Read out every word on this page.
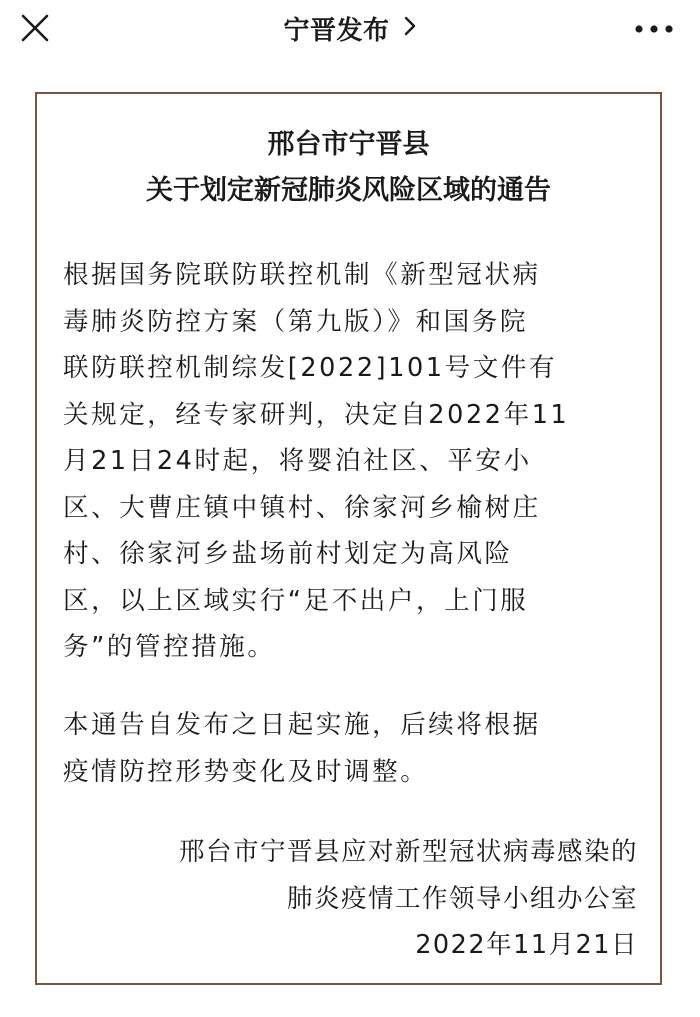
宁晋发布
邢台市宁晋县
关于划定新冠肺炎风险区域的通告
根据国务院联防联控机制《新型冠状病
毒肺炎防控方案（第九版）》和国务院
联防联控机制综发[2022]101号文件有
关规定，经专家研判，决定自2022年11
月21日24时起，将婴泊社区、平安小
区、大曹庄镇中镇村、徐家河乡榆树庄
村、徐家河乡盐场前村划定为高风险
区，以上区域实行“足不出户，上门服
务”的管控措施。
本通告自发布之日起实施，后续将根据
疫情防控形势变化及时调整。
邢台市宁晋县应对新型冠状病毒感染的
肺炎疫情工作领导小组办公室
2022年11月21日
